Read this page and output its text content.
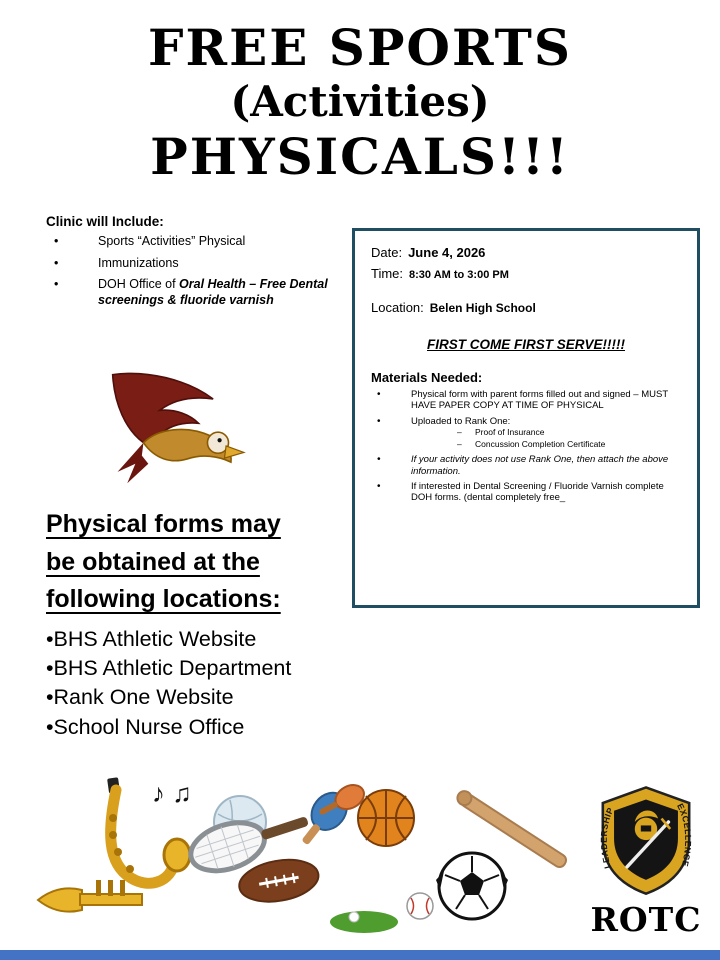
FREE SPORTS
(Activities)
PHYSICALS!!!
Clinic will Include:
• Sports “Activities” Physical
• Immunizations
• DOH Office of Oral Health – Free Dental screenings & fluoride varnish
Date: June 4, 2026
Time: 8:30 AM to 3:00 PM
Location: Belen High School
FIRST COME FIRST SERVE!!!!!
Materials Needed:
• Physical form with parent forms filled out and signed – MUST HAVE PAPER COPY AT TIME OF PHYSICAL
• Uploaded to Rank One:
– Proof of Insurance
– Concussion Completion Certificate
• If your activity does not use Rank One, then attach the above information.
• If interested in Dental Screening / Fluoride Varnish complete DOH forms. (dental completely free_
Physical forms may be obtained at the following locations:
• BHS Athletic Website
• BHS Athletic Department
• Rank One Website
• School Nurse Office
♪ ♫
LEADERSHIP	EXCELLENCE
ROTC
